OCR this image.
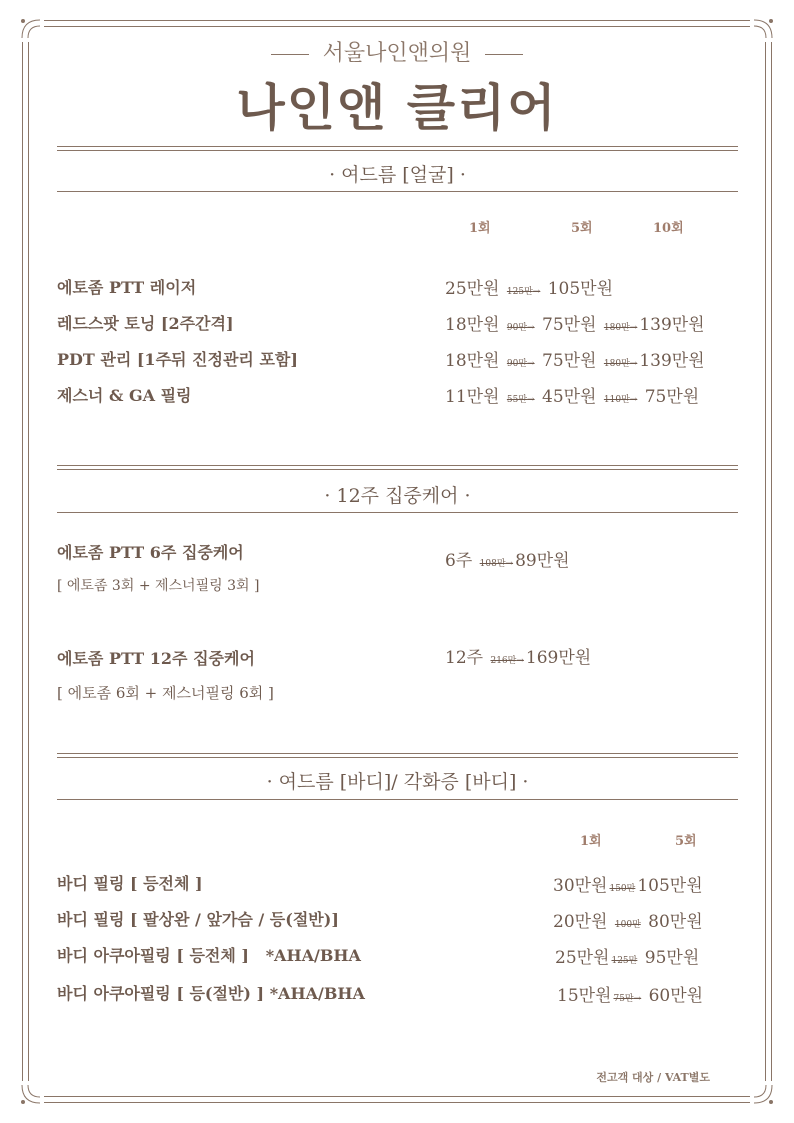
서울나인앤의원
나인앤 클리어
· 여드름 [얼굴] ·
1회	5회	10회
에토좀 PTT 레이저	25만원 125만→ 105만원
레드스팟 토닝 [2주간격]	18만원 90만→ 75만원 180만→ 139만원
PDT 관리 [1주뒤 진정관리 포함]	18만원 90만→ 75만원 180만→ 139만원
제스너 & GA 필링	11만원 55만→ 45만원 110만→ 75만원
· 12주 집중케어 ·
에토좀 PTT 6주 집중케어
[ 에토좀 3회 + 제스너필링 3회 ]
6주 108만→ 89만원
에토좀 PTT 12주 집중케어
[ 에토좀 6회 + 제스너필링 6회 ]
12주 216만→ 169만원
· 여드름 [바디]/ 각화증 [바디] ·
1회	5회
바디 필링 [ 등전체 ]	30만원 150만 105만원
바디 필링 [ 팔상완 / 앞가슴 / 등(절반)]	20만원 100만 80만원
바디 아쿠아필링 [ 등전체 ]   *AHA/BHA	25만원 125만 95만원
바디 아쿠아필링 [ 등(절반) ] *AHA/BHA	15만원 75만→ 60만원
전고객 대상 / VAT별도
